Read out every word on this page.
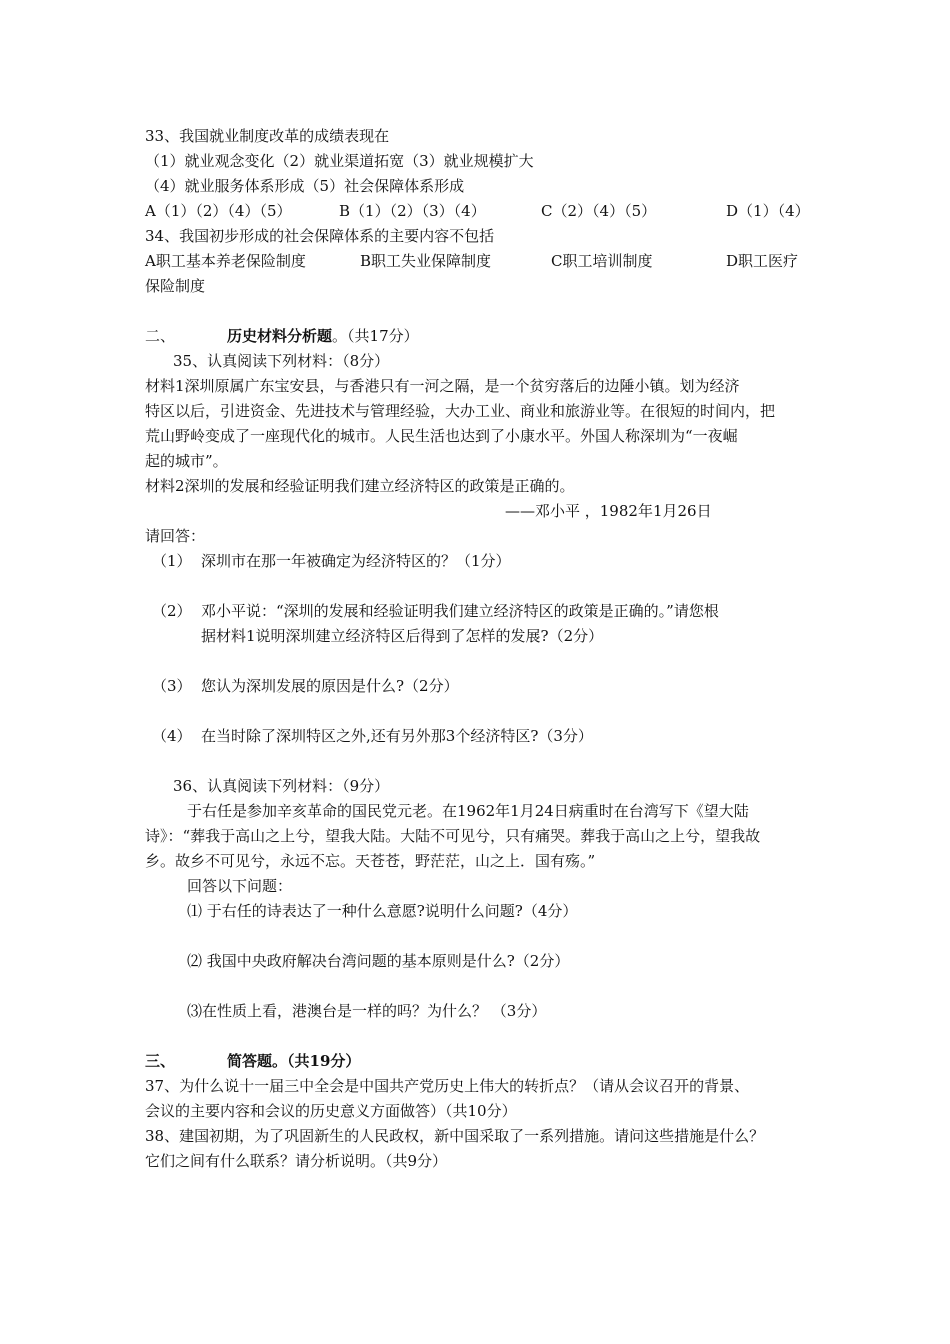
33、我国就业制度改革的成绩表现在
（1）就业观念变化（2）就业渠道拓宽（3）就业规模扩大
（4）就业服务体系形成（5）社会保障体系形成
A（1）（2）（4）（5）	B（1）（2）（3）（4）	C（2）（4）（5）	D（1）（4）
34、我国初步形成的社会保障体系的主要内容不包括
A职工基本养老保险制度	B职工失业保障制度	C职工培训制度	D职工医疗
保险制度
二、	历史材料分析题。（共17分）
35、认真阅读下列材料：（8分）
材料1深圳原属广东宝安县，与香港只有一河之隔，是一个贫穷落后的边陲小镇。划为经济
特区以后，引进资金、先进技术与管理经验，大办工业、商业和旅游业等。在很短的时间内，把
荒山野岭变成了一座现代化的城市。人民生活也达到了小康水平。外国人称深圳为“一夜崛
起的城市”。
材料2深圳的发展和经验证明我们建立经济特区的政策是正确的。
——邓小平 ，1982年1月26日
请回答：
（1） 深圳市在那一年被确定为经济特区的？（1分）
（2） 邓小平说：“深圳的发展和经验证明我们建立经济特区的政策是正确的。”请您根
据材料1说明深圳建立经济特区后得到了怎样的发展?（2分）
（3） 您认为深圳发展的原因是什么?（2分）
（4） 在当时除了深圳特区之外,还有另外那3个经济特区?（3分）
36、认真阅读下列材料：（9分）
于右任是参加辛亥革命的国民党元老。在1962年1月24日病重时在台湾写下《望大陆
诗》：“葬我于高山之上兮，望我大陆。大陆不可见兮，只有痛哭。葬我于高山之上兮，望我故
乡。故乡不可见兮，永远不忘。天苍苍，野茫茫，山之上．国有殇。”
回答以下问题：
⑴ 于右任的诗表达了一种什么意愿?说明什么问题?（4分）
⑵ 我国中央政府解决台湾问题的基本原则是什么?（2分）
⑶在性质上看，港澳台是一样的吗？为什么？ （3分）
三、	简答题。（共19分）
37、为什么说十一届三中全会是中国共产党历史上伟大的转折点？（请从会议召开的背景、
会议的主要内容和会议的历史意义方面做答）（共10分）
38、建国初期，为了巩固新生的人民政权，新中国采取了一系列措施。请问这些措施是什么？
它们之间有什么联系？请分析说明。（共9分）
